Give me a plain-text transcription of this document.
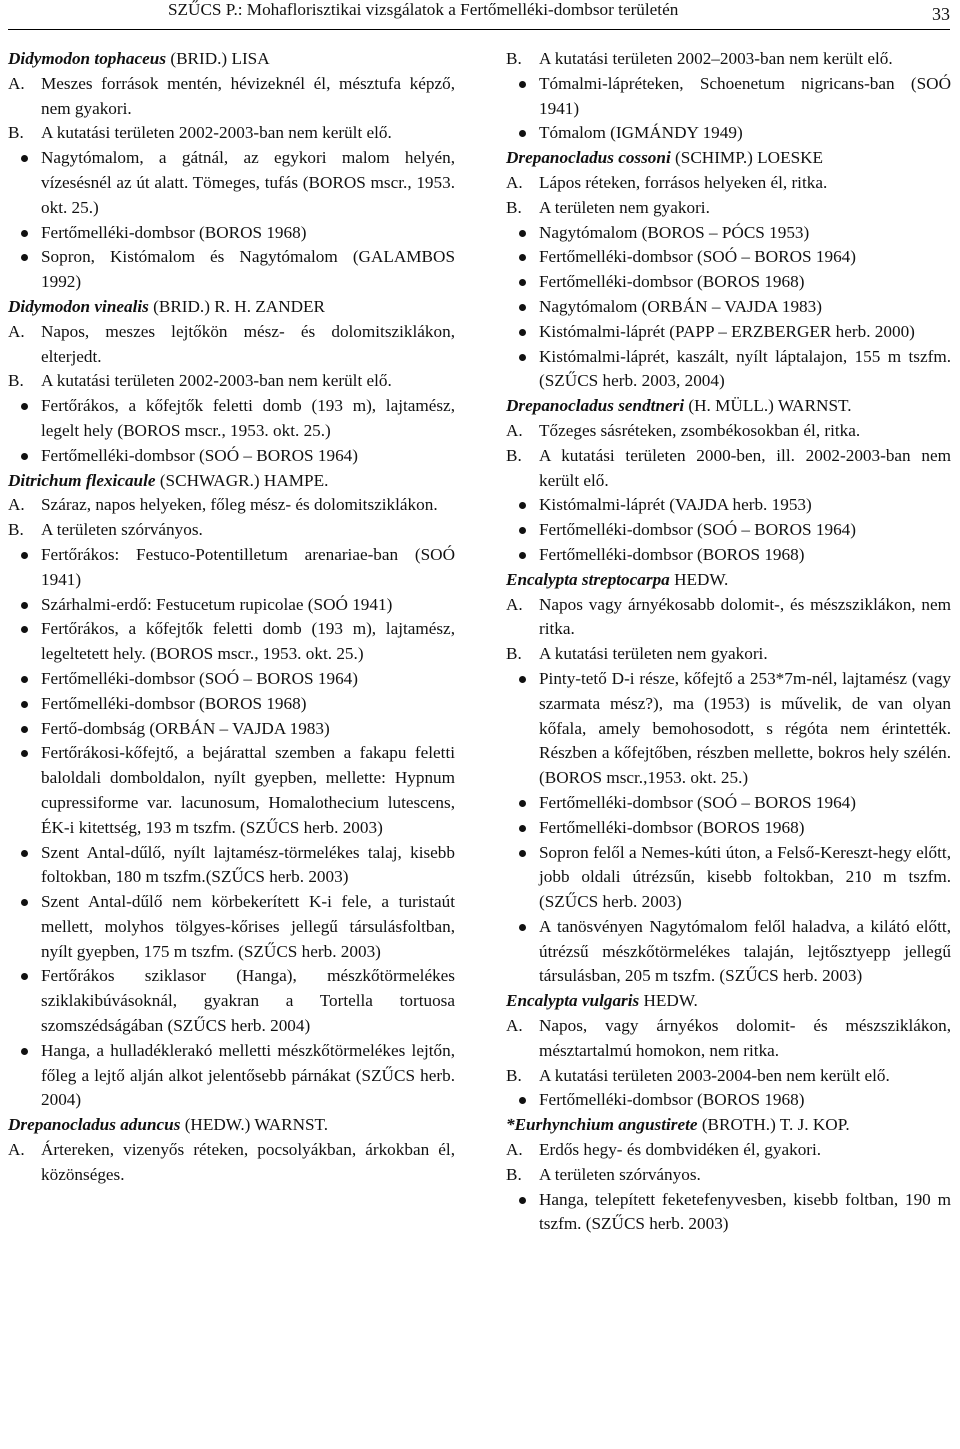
SZŰCS P.: Mohaflorisztikai vizsgálatok a Fertőmelléki-dombsor területén	33
Didymodon tophaceus (BRID.) LISA
A. Meszes források mentén, hévizeknél él, mésztufa képző, nem gyakori.
B.	A kutatási területen 2002-2003-ban nem került elő.
Nagytómalom, a gátnál, az egykori malom helyén, vízesésnél az út alatt. Tömeges, tufás (BOROS mscr., 1953. okt. 25.)
Fertőmelléki-dombsor (BOROS 1968)
Sopron, Kistómalom és Nagytómalom (GALAMBOS 1992)
Didymodon vinealis (BRID.) R. H. ZANDER
A. Napos, meszes lejtőkön mész- és dolomitsziklákon, elterjedt.
B.	A kutatási területen 2002-2003-ban nem került elő.
Fertőrákos, a kőfejtők feletti domb (193 m), lajtamész, legelt hely (BOROS mscr., 1953. okt. 25.)
Fertőmelléki-dombsor (SOÓ – BOROS 1964)
Ditrichum flexicaule (SCHWAGR.) HAMPE.
A. Száraz, napos helyeken, főleg mész- és dolomitsziklákon.
B.	A területen szórványos.
Fertőrákos: Festuco-Potentilletum arenariae-ban (SOÓ 1941)
Szárhalmi-erdő: Festucetum rupicolae (SOÓ 1941)
Fertőrákos, a kőfejtők feletti domb (193 m), lajtamész, legeltetett hely. (BOROS mscr., 1953. okt. 25.)
Fertőmelléki-dombsor (SOÓ – BOROS 1964)
Fertőmelléki-dombsor (BOROS 1968)
Fertő-dombság (ORBÁN – VAJDA 1983)
Fertőrákosi-kőfejtő, a bejárattal szemben a fakapu feletti baloldali domboldalon, nyílt gyepben, mellette: Hypnum cupressiforme var. lacunosum, Homalothecium lutescens, ÉK-i kitettség, 193 m tszfm. (SZŰCS herb. 2003)
Szent Antal-dűlő, nyílt lajtamész-törmelékes talaj, kisebb foltokban, 180 m tszfm.(SZŰCS herb. 2003)
Szent Antal-dűlő nem körbekerített K-i fele, a turistaút mellett, molyhos tölgyes-kőrises jellegű társulásfoltban, nyílt gyepben, 175 m tszfm. (SZŰCS herb. 2003)
Fertőrákos sziklasor (Hanga), mészkőtörmelékes sziklakibúvásoknál, gyakran a Tortella tortuosa szomszédságában (SZŰCS herb. 2004)
Hanga, a hulladéklerakó melletti mészkőtörmelékes lejtőn, főleg a lejtő alján alkot jelentősebb párnákat (SZŰCS herb. 2004)
Drepanocladus aduncus (HEDW.) WARNST.
A. Ártereken, vizenyős réteken, pocsolyákban, árkokban él, közönséges.
B.	A kutatási területen 2002–2003-ban nem került elő.
Tómalmi-lápréteken, Schoenetum nigricans-ban (SOÓ 1941)
Tómalom (IGMÁNDY 1949)
Drepanocladus cossoni (SCHIMP.) LOESKE
A. Lápos réteken, forrásos helyeken él, ritka.
B.	A területen nem gyakori.
Nagytómalom (BOROS – PÓCS 1953)
Fertőmelléki-dombsor (SOÓ – BOROS 1964)
Fertőmelléki-dombsor (BOROS 1968)
Nagytómalom (ORBÁN – VAJDA 1983)
Kistómalmi-láprét (PAPP – ERZBERGER herb. 2000)
Kistómalmi-láprét, kaszált, nyílt láptalajon, 155 m tszfm. (SZŰCS herb. 2003, 2004)
Drepanocladus sendtneri (H. MÜLL.) WARNST.
A. Tőzeges sásréteken, zsombékosokban él, ritka.
B.	A kutatási területen 2000-ben, ill. 2002-2003-ban nem került elő.
Kistómalmi-láprét (VAJDA herb. 1953)
Fertőmelléki-dombsor (SOÓ – BOROS 1964)
Fertőmelléki-dombsor (BOROS 1968)
Encalypta streptocarpa HEDW.
A. Napos vagy árnyékosabb dolomit-, és mészsziklákon, nem ritka.
B.	A kutatási területen nem gyakori.
Pinty-tető D-i része, kőfejtő a 253*7m-nél, lajtamész (vagy szarmata mész?), ma (1953) is művelik, de van olyan kőfala, amely bemohosodott, s régóta nem érintették. Részben a kőfejtőben, részben mellette, bokros hely szélén. (BOROS mscr.,1953. okt. 25.)
Fertőmelléki-dombsor (SOÓ – BOROS 1964)
Fertőmelléki-dombsor (BOROS 1968)
Sopron felől a Nemes-kúti úton, a Felső-Kereszt-hegy előtt, jobb oldali útrézsűn, kisebb foltokban, 210 m tszfm. (SZŰCS herb. 2003)
A tanösvényen Nagytómalom felől haladva, a kilátó előtt, útrézsű mészkőtörmelékes talaján, lejtősztyepp jellegű társulásban, 205 m tszfm. (SZŰCS herb. 2003)
Encalypta vulgaris HEDW.
A. Napos, vagy árnyékos dolomit- és mészsziklákon, mésztartalmú homokon, nem ritka.
B.	A kutatási területen 2003-2004-ben nem került elő.
Fertőmelléki-dombsor (BOROS 1968)
*Eurhynchium angustirete (BROTH.) T. J. KOP.
A. Erdős hegy- és dombvidéken él, gyakori.
B.	A területen szórványos.
Hanga, telepített feketefenyvesben, kisebb foltban, 190 m tszfm. (SZŰCS herb. 2003)
